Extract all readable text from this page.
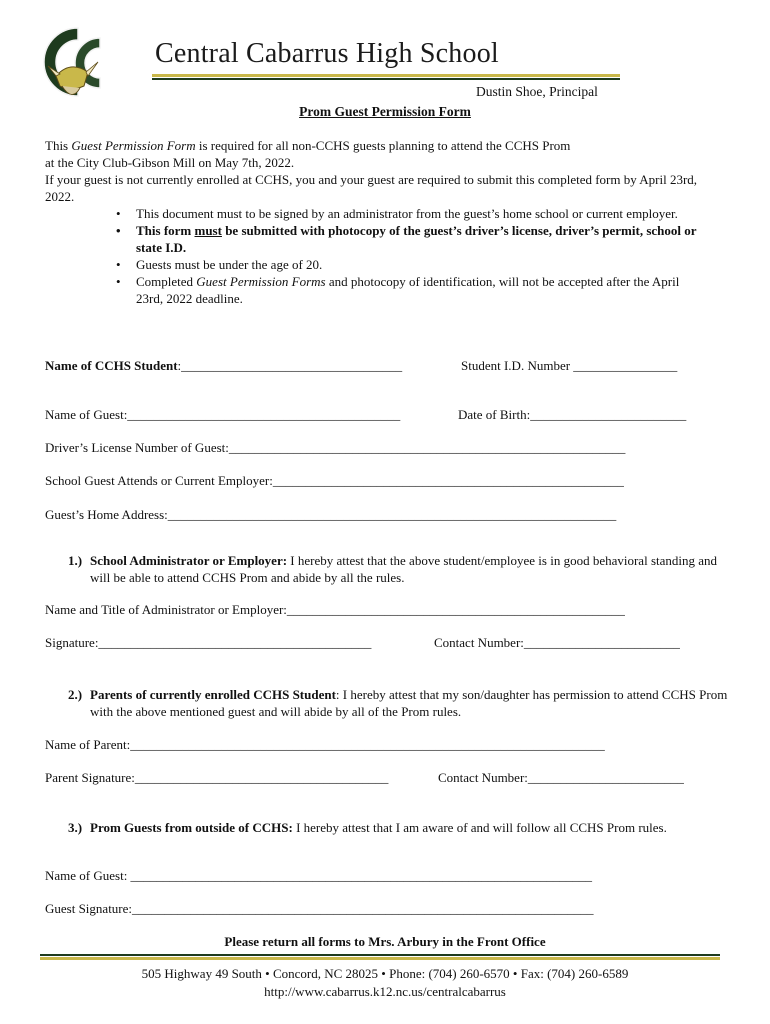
Central Cabarrus High School
Dustin Shoe, Principal
Prom Guest Permission Form
This Guest Permission Form is required for all non-CCHS guests planning to attend the CCHS Prom
at the City Club-Gibson Mill on May 7th, 2022.
If your guest is not currently enrolled at CCHS, you and your guest are required to submit this completed form by April 23rd, 2022.
• This document must to be signed by an administrator from the guest’s home school or current employer.
• This form must be submitted with photocopy of the guest’s driver’s license, driver’s permit, school or state I.D.
• Guests must be under the age of 20.
• Completed Guest Permission Forms and photocopy of identification, will not be accepted after the April 23rd, 2022 deadline.
Name of CCHS Student:__________________________________	Student I.D. Number ________________
Name of Guest:__________________________________________	Date of Birth:________________________
Driver’s License Number of Guest:_____________________________________________________________
School Guest Attends or Current Employer:______________________________________________________
Guest’s Home Address:_____________________________________________________________________
1.) School Administrator or Employer: I hereby attest that the above student/employee is in good behavioral standing and will be able to attend CCHS Prom and abide by all the rules.
Name and Title of Administrator or Employer:____________________________________________________
Signature:__________________________________________	Contact Number:________________________
2.) Parents of currently enrolled CCHS Student: I hereby attest that my son/daughter has permission to attend CCHS Prom with the above mentioned guest and will abide by all of the Prom rules.
Name of Parent:_________________________________________________________________________
Parent Signature:_______________________________________	Contact Number:________________________
3.) Prom Guests from outside of CCHS: I hereby attest that I am aware of and will follow all CCHS Prom rules.
Name of Guest: _______________________________________________________________________
Guest Signature:_______________________________________________________________________
Please return all forms to Mrs. Arbury in the Front Office
505 Highway 49 South • Concord, NC 28025 • Phone: (704) 260-6570 • Fax: (704) 260-6589
http://www.cabarrus.k12.nc.us/centralcabarrus
